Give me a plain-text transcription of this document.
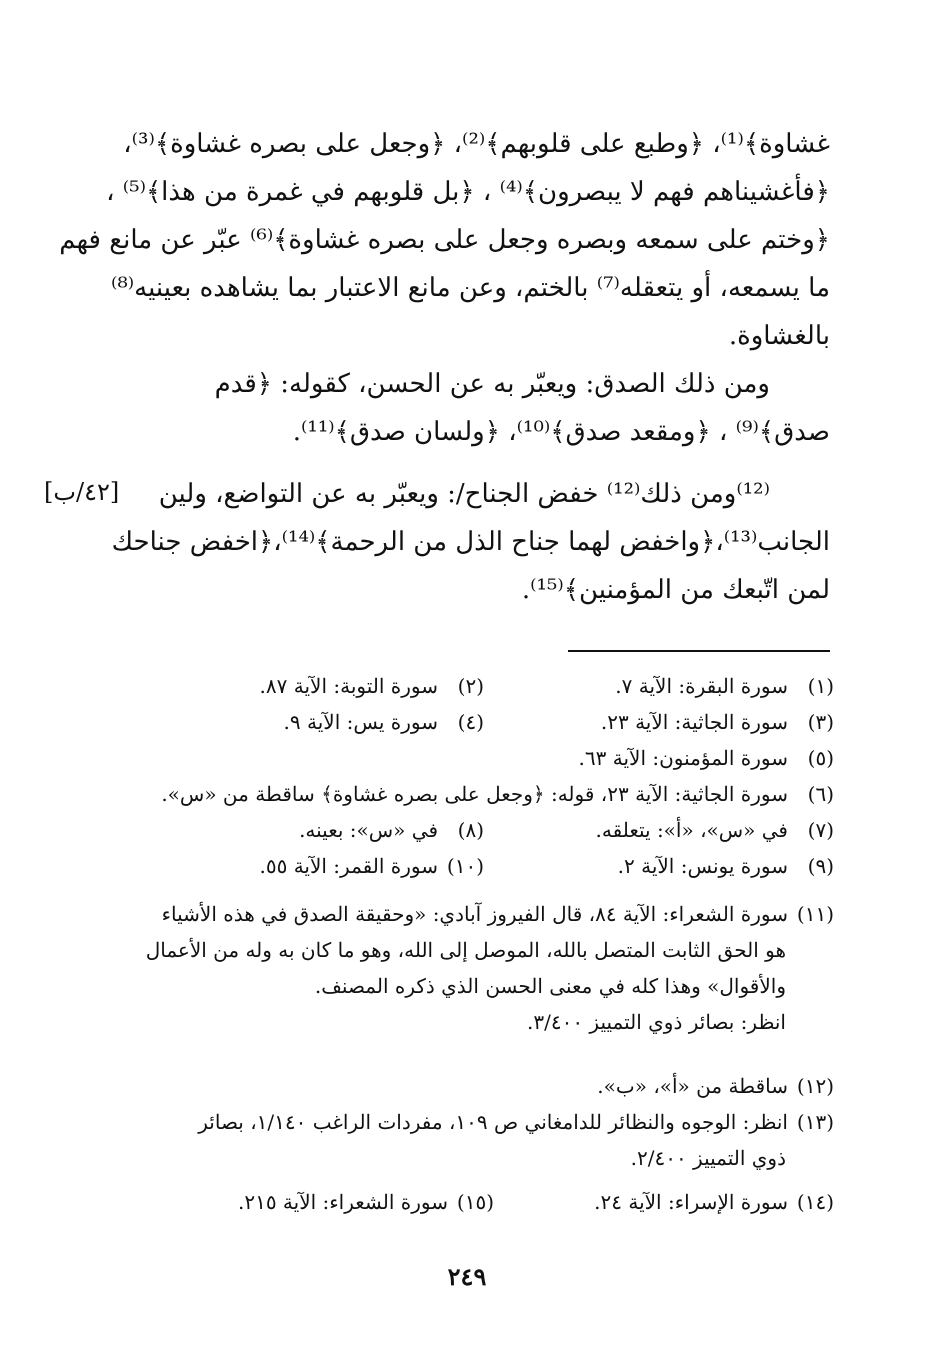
غشاوة﴾⁽¹⁾، ﴿وطبع على قلوبهم﴾⁽²⁾، ﴿وجعل على بصره غشاوة﴾⁽³⁾،
﴿فأغشيناهم فهم لا يبصرون﴾⁽⁴⁾ ، ﴿بل قلوبهم في غمرة من هذا﴾⁽⁵⁾ ،
﴿وختم على سمعه وبصره وجعل على بصره غشاوة﴾⁽⁶⁾ عبّر عن مانع فهم
ما يسمعه، أو يتعقله⁽⁷⁾ بالختم، وعن مانع الاعتبار بما يشاهده بعينيه⁽⁸⁾
بالغشاوة.
ومن ذلك الصدق: ويعبّر به عن الحسن، كقوله: ﴿قدم
صدق﴾⁽⁹⁾ ، ﴿ومقعد صدق﴾⁽¹⁰⁾، ﴿ولسان صدق﴾⁽¹¹⁾.
⁽¹²⁾ومن ذلك⁽¹²⁾ خفض الجناح/: ويعبّر به عن التواضع، ولين
الجانب⁽¹³⁾،﴿واخفض لهما جناح الذل من الرحمة﴾⁽¹⁴⁾،﴿اخفض جناحك
لمن اتّبعك من المؤمنين﴾⁽¹⁵⁾.
[٤٢/ب]
(١)سورة البقرة: الآية ٧.
(٢)سورة التوبة: الآية ٨٧.
(٣)سورة الجاثية: الآية ٢٣.
(٤)سورة يس: الآية ٩.
(٥)سورة المؤمنون: الآية ٦٣.
(٦)سورة الجاثية: الآية ٢٣، قوله: ﴿وجعل على بصره غشاوة﴾ ساقطة من «س».
(٧)في «س»، «أ»: يتعلقه.
(٨)في «س»: بعينه.
(٩)سورة يونس: الآية ٢.
(١٠)سورة القمر: الآية ٥٥.
(١١)سورة الشعراء: الآية ٨٤، قال الفيروز آبادي: «وحقيقة الصدق في هذه الأشياء
هو الحق الثابت المتصل بالله، الموصل إلى الله، وهو ما كان به وله من الأعمال
والأقوال» وهذا كله في معنى الحسن الذي ذكره المصنف.
انظر: بصائر ذوي التمييز ٣/٤٠٠.
(١٢)ساقطة من «أ»، «ب».
(١٣)انظر: الوجوه والنظائر للدامغاني ص ١٠٩، مفردات الراغب ١/١٤٠، بصائر
ذوي التمييز ٢/٤٠٠.
(١٤)سورة الإسراء: الآية ٢٤.
(١٥)سورة الشعراء: الآية ٢١٥.
٢٤٩
